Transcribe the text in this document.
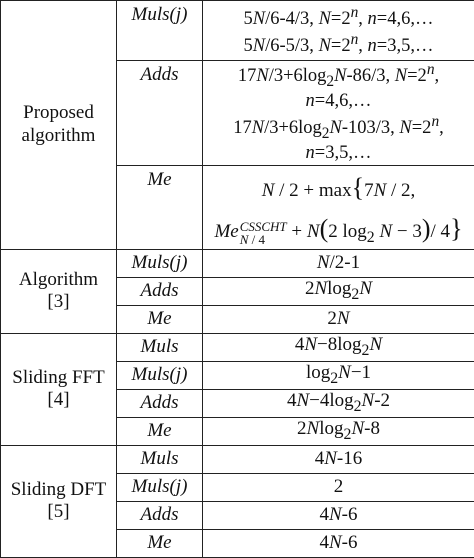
Proposed
algorithm	Muls(j)	5N/6-4/3, $N=2^n$, n=4,6,…
5N/6-5/3, $N=2^n$, n=3,5,…

	Adds	$17N/3+6\log_2N-86/3$, $N=2^n$,
n=4,6,…
$17N/3+6\log_2N-103/3$, $N=2^n$,
n=3,5,…

	Me	N / 2 + max{7N / 2,
Me CSSCHT
N / 4 + N(2 $\log_2 N - 3)/$ 4}

Algorithm
[3]	Muls(j)	N/2-1
	Adds	2Nlog$_2$N
	Me	2N

Sliding FFT
[4]	Muls	$4N-8\log_2N$
	Muls(j)	$\log_2N-1$
	Adds	$4N-4\log_2N-2$
	Me	2Nlog$_2$N-8

Sliding DFT
[5]	Muls	4N-16
	Muls(j)	2
	Adds	4N-6
	Me	4N-6
